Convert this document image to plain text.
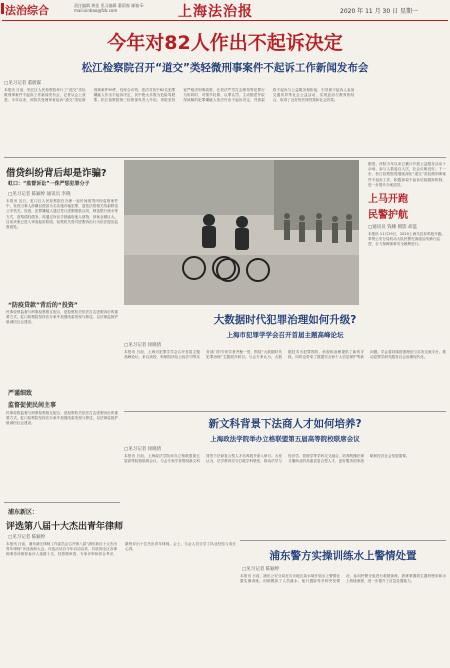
法治综合	责任编辑 黄佳 见习编辑 董蔚霖 邮箱 E-mail:xinbao@fzb.com	上海法治报	2020 年 11 月 30 日 星期一
今年对82人作出不起诉决定
松江检察院召开“道交”类轻微刑事案件不起诉工作新闻发布会
□见习记者 董蔚霖
本报讯 日前，松江区人民检察院举行了“道交”类轻微刑事案件不起诉工作新闻发布会，记者从会上获悉，今年以来，该院共受理审查起诉“道交”类轻微刑事案件99件，经综合评判，依法对其中82名犯罪嫌疑人作出不起诉决定，其中绝大多数为危险驾驶罪。松江检察院第三检察部负责人介绍，该院坚持宽严相济刑事政策，在依法严厉打击醉驾等犯罪行为的同时，对情节轻微、认罪认罚、主动赔偿并取得谅解的犯罪嫌疑人依法作出不起诉决定，并探索将不起诉与公益服务相衔接，引导被不起诉人参加交通劝导等社会公益活动，实现惩治与教育相结合，取得了良好的法律效果和社会效果。
借贷纠纷背后却是诈骗?
虹口：“监督诉讼”一侏严惩犯罪分子
□见习记者 陈颖婷 通讯员 李晓
本报讯 近日，虹口区人民检察院在办理一起民间借贷纠纷监督案件中，发现当事人涉嫌以借款为名实施诈骗犯罪，遂依法将相关线索移送公安机关。经查，犯罪嫌疑人通过签订虚假借款合同、制造银行流水等方式，虚构债权债务，再通过诉讼手段骗取他人财物，涉案金额巨大。目前该案已进入审查起诉阶段，检察机关将对虚假诉讼行为依法提出监督意见。
“防疫贷款”背后的“投资”
民事检察监督与刑事检察相互配合，是检察机关依法打击虚假诉讼的重要方式。虹口检察院坚持在办案中加强线索发现与移送，以法律监督护航诚信社会建设。
严谨细致
监督促使民间主事
民事检察监督与刑事检察相互配合，是检察机关依法打击虚假诉讼的重要方式。虹口检察院坚持在办案中加强线索发现与移送，以法律监督护航诚信社会建设。
浦东新区：
评选第八届十大杰出青年律师
□见习记者 陈颖婷
本报讯 日前，浦东新区律师工作委员会召开第八届“浦东新区十大杰出青年律师”评选表彰大会。评选活动自今年启动以来，共收到全区各律师事务所推荐参评人选数十名，经资格审查、专家评审和综合考评，最终评出十位杰出青年律师。会上，与会人员分享了执业经验与成长心得。
上马开跑
民警护航
□通讯员 钱姗 摄影 胡蓝
本报讯 11月29日，2020上海马拉松鸣枪开跑。奉贤公安分局机动大队民警在赛道沿线骑行巡逻，全力保障赛事安全顺利进行。
据悉，该院今年以来已累计开展公益服务活动十余场，参与人数逾百人次，社会反响良好。下一步，松江检察院将继续深化“道交”类轻微刑事案件不起诉工作，积极探索不起诉后续跟踪机制，进一步提升办案质效。
大数据时代犯罪治理如何升级?
上海市犯罪学学会召开首届主题高峰论坛
□见习记者 徐晓倩
本报讯 日前，上海市犯罪学学会召开首届主题高峰论坛，来自高校、科研院所及公检法司等实务部门的专家学者齐聚一堂，围绕“大数据时代犯罪治理”主题展开研讨。与会专家认为，大数据技术为犯罪预防、侦查和治理提供了新的手段，同时也带来了数据安全和个人信息保护等新问题。学会将持续搭建理论与实务交流平台，推动犯罪学研究服务社会治理现代化。
新文科背景下法商人才如何培养?
上海政法学院举办立格联盟第五届高等院校联席会议
□见习记者 徐晓倩
本报讯 日前，上海政法学院举办立格联盟第五届高等院校联席会议，与会专家学者围绕新文科背景下法商复合型人才培养展开深入研讨。大家认为，法学教育应当打破学科壁垒，推动法学与经济学、管理学等学科交叉融合，培养既懂法律又懂商业的高素质复合型人才，更好服务国家战略和经济社会发展需要。
浦东警方实操训练水上警情处置
□见习记者 陈颖婷
本报讯 日前，浦东公安分局在川沙地区某水域开展水上警情处置实操训练。训练模拟了人员落水、船只遇险等多种突发情况，参训民警分组进行救援演练，熟练掌握救生器材使用和水上救援流程，进一步提升了应急处置能力。
